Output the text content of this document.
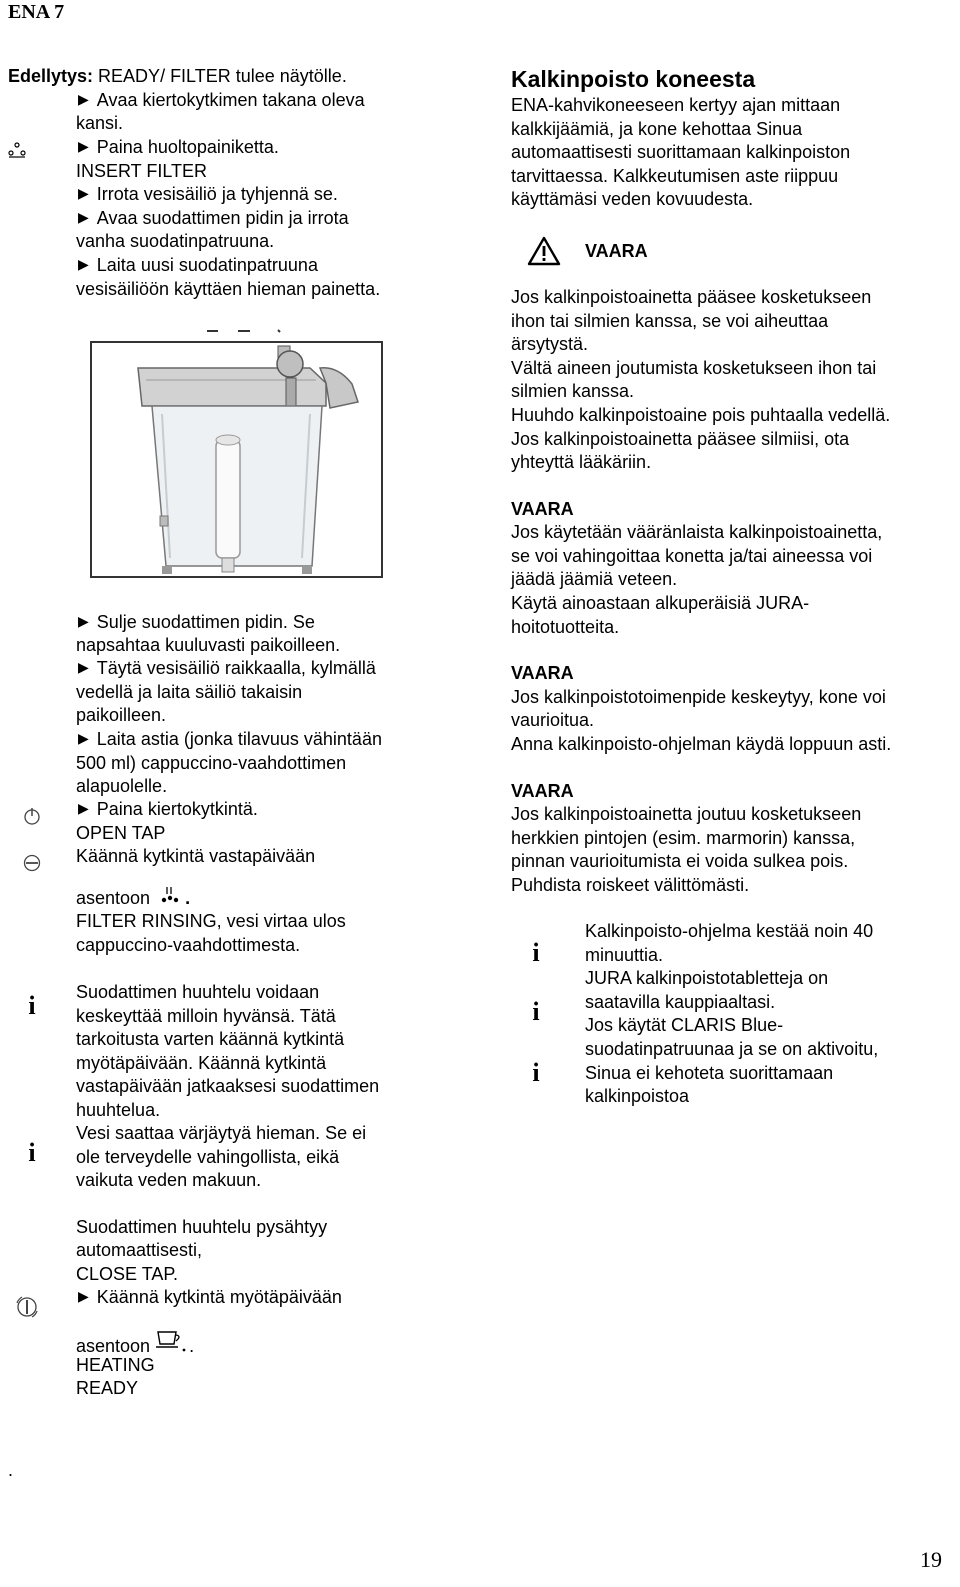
ENA 7
Edellytys: READY/ FILTER tulee näytölle.
▶ Avaa kiertokytkimen takana oleva
kansi.
▶ Paina huoltopainiketta.
INSERT FILTER
▶ Irrota vesisäiliö ja tyhjennä se.
▶ Avaa suodattimen pidin ja irrota
vanha suodatinpatruuna.
▶ Laita uusi suodatinpatruuna
vesisäiliöön käyttäen hieman painetta.
▶ Sulje suodattimen pidin. Se
napsahtaa kuuluvasti paikoilleen.
▶ Täytä vesisäiliö raikkaalla, kylmällä
vedellä ja laita säiliö takaisin
paikoilleen.
▶ Laita astia (jonka tilavuus vähintään
500 ml) cappuccino-vaahdottimen
alapuolelle.
▶ Paina kiertokytkintä.
OPEN TAP
Käännä kytkintä vastapäivään
asentoon .
FILTER RINSING, vesi virtaa ulos
cappuccino-vaahdottimesta.
i	Suodattimen huuhtelu voidaan
keskeyttää milloin hyvänsä. Tätä
tarkoitusta varten käännä kytkintä
myötäpäivään. Käännä kytkintä
vastapäivään jatkaaksesi suodattimen
huuhtelua.
i
Vesi saattaa värjäytyä hieman. Se ei
ole terveydelle vahingollista, eikä
vaikuta veden makuun.
Suodattimen huuhtelu pysähtyy
automaattisesti,
CLOSE TAP.
▶ Käännä kytkintä myötäpäivään
asentoon .
HEATING
READY
Kalkinpoisto koneesta
ENA-kahvikoneeseen kertyy ajan mittaan
kalkkijäämiä, ja kone kehottaa Sinua
automaattisesti suorittamaan kalkinpoiston
tarvittaessa. Kalkkeutumisen aste riippuu
käyttämäsi veden kovuudesta.
VAARA
Jos kalkinpoistoainetta pääsee kosketukseen
ihon tai silmien kanssa, se voi aiheuttaa
ärsytystä.
Vältä aineen joutumista kosketukseen ihon tai
silmien kanssa.
Huuhdo kalkinpoistoaine pois puhtaalla vedellä.
Jos kalkinpoistoainetta pääsee silmiisi, ota
yhteyttä lääkäriin.
VAARA
Jos käytetään vääränlaista kalkinpoistoainetta,
se voi vahingoittaa konetta ja/tai aineessa voi
jäädä jäämiä veteen.
Käytä ainoastaan alkuperäisiä JURA-
hoitotuotteita.
VAARA
Jos kalkinpoistotoimenpide keskeytyy, kone voi
vaurioitua.
Anna kalkinpoisto-ohjelman käydä loppuun asti.
VAARA
Jos kalkinpoistoainetta joutuu kosketukseen
herkkien pintojen (esim. marmorin) kanssa,
pinnan vaurioitumista ei voida sulkea pois.
Puhdista roiskeet välittömästi.
i
Kalkinpoisto-ohjelma kestää noin 40
minuuttia.
i
JURA kalkinpoistotabletteja on
saatavilla kauppiaaltasi.
i
Jos käytät CLARIS Blue-
suodatinpatruunaa ja se on aktivoitu,
Sinua ei kehoteta suorittamaan
kalkinpoistoa
.
19
